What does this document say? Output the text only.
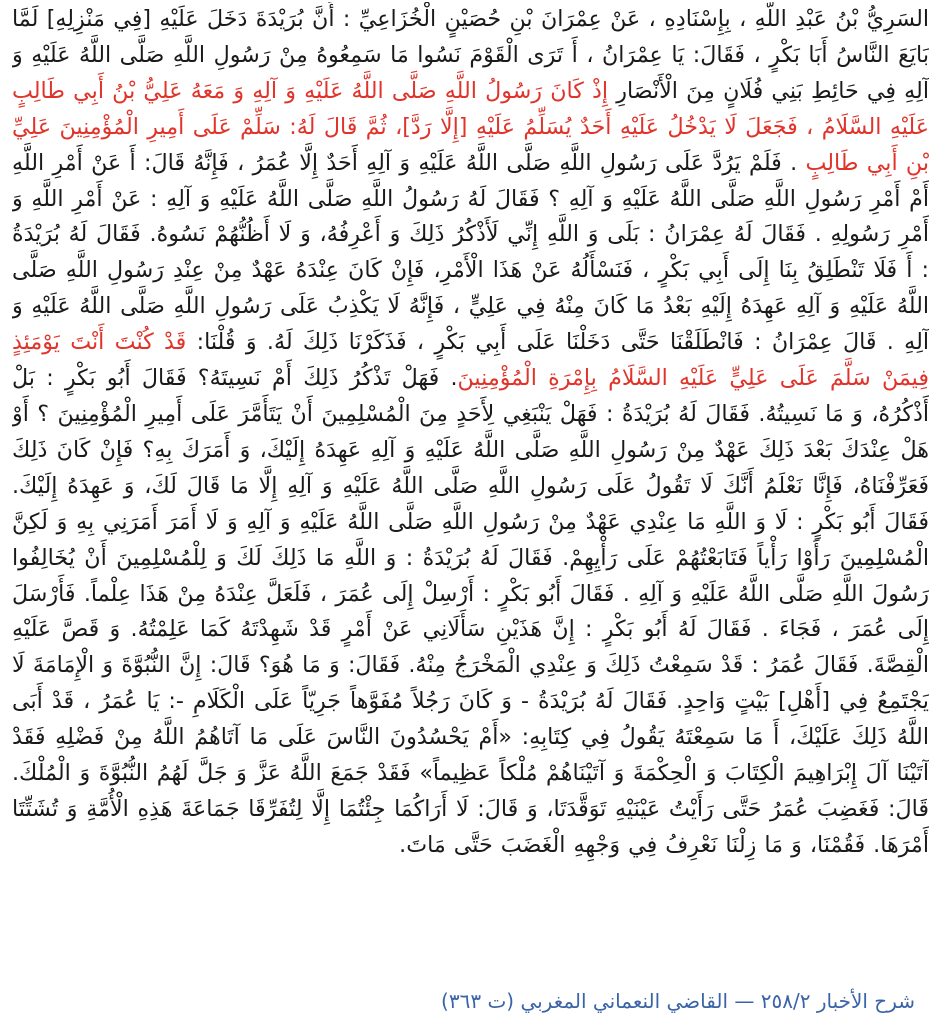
السَرِيُّ بْنُ عَبْدِ اللَّهِ ، بِإِسْنَادِهِ ، عَنْ عِمْرَانَ بْنِ حُصَيْنٍ الْخُزَاعِيِّ : أَنَّ بُرَيْدَةَ دَخَلَ عَلَيْهِ [فِي مَنْزِلِهِ] لَمَّا بَايَعَ النَّاسُ أَبَا بَكْرٍ ، فَقَالَ: يَا عِمْرَانُ ، أَ تَرَى الْقَوْمَ نَسُوا مَا سَمِعُوهُ مِنْ رَسُولِ اللَّهِ صَلَّى اللَّهُ عَلَيْهِ وَ آلِهِ فِي حَائِطِ بَنِي فُلَانٍ مِنَ الْأَنْصَارِ إِذْ كَانَ رَسُولُ اللَّهِ صَلَّى اللَّهُ عَلَيْهِ وَ آلِهِ وَ مَعَهُ عَلِيُّ بْنُ أَبِي طَالِبٍ عَلَيْهِ السَّلَامُ ، فَجَعَلَ لَا يَدْخُلُ عَلَيْهِ أَحَدٌ يُسَلِّمُ عَلَيْهِ [إِلَّا رَدَّ]، ثُمَّ قَالَ لَهُ: سَلِّمْ عَلَى أَمِيرِ الْمُؤْمِنِينَ عَلِيِّ بْنِ أَبِي طَالِبٍ . فَلَمْ يَرُدَّ عَلَى رَسُولِ اللَّهِ صَلَّى اللَّهُ عَلَيْهِ وَ آلِهِ أَحَدٌ إِلَّا عُمَرُ ، فَإِنَّهُ قَالَ: أَ عَنْ أَمْرِ اللَّهِ أَمْ أَمْرِ رَسُولِ اللَّهِ صَلَّى اللَّهُ عَلَيْهِ وَ آلِهِ ؟ فَقَالَ لَهُ رَسُولُ اللَّهِ صَلَّى اللَّهُ عَلَيْهِ وَ آلِهِ : عَنْ أَمْرِ اللَّهِ وَ أَمْرِ رَسُولِهِ . فَقَالَ لَهُ عِمْرَانُ : بَلَى وَ اللَّهِ إِنِّي لَأَذْكُرُ ذَلِكَ وَ أَعْرِفُهُ، وَ لَا أَظُنُّهُمْ نَسُوهُ. فَقَالَ لَهُ بُرَيْدَةُ : أَ فَلَا تَنْطَلِقُ بِنَا إِلَى أَبِي بَكْرٍ ، فَنَسْأَلُهُ عَنْ هَذَا الْأَمْرِ، فَإِنْ كَانَ عِنْدَهُ عَهْدٌ مِنْ عِنْدِ رَسُولِ اللَّهِ صَلَّى اللَّهُ عَلَيْهِ وَ آلِهِ عَهِدَهُ إِلَيْهِ بَعْدُ مَا كَانَ مِنْهُ فِي عَلِيٍّ ، فَإِنَّهُ لَا يَكْذِبُ عَلَى رَسُولِ اللَّهِ صَلَّى اللَّهُ عَلَيْهِ وَ آلِهِ . قَالَ عِمْرَانُ : فَانْطَلَقْنَا حَتَّى دَخَلْنَا عَلَى أَبِي بَكْرٍ ، فَذَكَرْنَا ذَلِكَ لَهُ. وَ قُلْنَا: قَدْ كُنْتَ أَنْتَ يَوْمَئِذٍ فِيمَنْ سَلَّمَ عَلَى عَلِيٍّ عَلَيْهِ السَّلَامُ بِإِمْرَةِ الْمُؤْمِنِينَ. فَهَلْ تَذْكُرُ ذَلِكَ أَمْ نَسِيتَهُ؟ فَقَالَ أَبُو بَكْرٍ : بَلْ أَذْكُرُهُ، وَ مَا نَسِيتُهُ. فَقَالَ لَهُ بُرَيْدَةُ : فَهَلْ يَنْبَغِي لِأَحَدٍ مِنَ الْمُسْلِمِينَ أَنْ يَتَأَمَّرَ عَلَى أَمِيرِ الْمُؤْمِنِينَ ؟ أَوْ هَلْ عِنْدَكَ بَعْدَ ذَلِكَ عَهْدٌ مِنْ رَسُولِ اللَّهِ صَلَّى اللَّهُ عَلَيْهِ وَ آلِهِ عَهِدَهُ إِلَيْكَ، وَ أَمَرَكَ بِهِ؟ فَإِنْ كَانَ ذَلِكَ فَعَرِّفْنَاهُ، فَإِنَّا نَعْلَمُ أَنَّكَ لَا تَقُولُ عَلَى رَسُولِ اللَّهِ صَلَّى اللَّهُ عَلَيْهِ وَ آلِهِ إِلَّا مَا قَالَ لَكَ، وَ عَهِدَهُ إِلَيْكَ. فَقَالَ أَبُو بَكْرٍ : لَا وَ اللَّهِ مَا عِنْدِي عَهْدٌ مِنْ رَسُولِ اللَّهِ صَلَّى اللَّهُ عَلَيْهِ وَ آلِهِ وَ لَا أَمَرَ أَمَرَنِي بِهِ وَ لَكِنَّ الْمُسْلِمِينَ رَأَوْا رَأْياً فَتَابَعْتُهُمْ عَلَى رَأْيِهِمْ. فَقَالَ لَهُ بُرَيْدَةُ : وَ اللَّهِ مَا ذَلِكَ لَكَ وَ لِلْمُسْلِمِينَ أَنْ يُخَالِفُوا رَسُولَ اللَّهِ صَلَّى اللَّهُ عَلَيْهِ وَ آلِهِ . فَقَالَ أَبُو بَكْرٍ : أَرْسِلْ إِلَى عُمَرَ ، فَلَعَلَّ عِنْدَهُ مِنْ هَذَا عِلْماً. فَأَرْسَلَ إِلَى عُمَرَ ، فَجَاءَ . فَقَالَ لَهُ أَبُو بَكْرٍ : إِنَّ هَذَيْنِ سَأَلَانِي عَنْ أَمْرٍ قَدْ شَهِدْتَهُ كَمَا عَلِمْتُهُ. وَ قَصَّ عَلَيْهِ الْقِصَّةَ. فَقَالَ عُمَرُ : قَدْ سَمِعْتُ ذَلِكَ وَ عِنْدِي الْمَخْرَجُ مِنْهُ. فَقَالَ: وَ مَا هُوَ؟ قَالَ: إِنَّ النُّبُوَّةَ وَ الْإِمَامَةَ لَا يَجْتَمِعُ فِي [أَهْلِ] بَيْتٍ وَاحِدٍ. فَقَالَ لَهُ بُرَيْدَةُ - وَ كَانَ رَجُلاً مُفَوَّهاً جَرِيّاً عَلَى الْكَلَامِ -: يَا عُمَرُ ، قَدْ أَبَى اللَّهُ ذَلِكَ عَلَيْكَ، أَ مَا سَمِعْتَهُ يَقُولُ فِي كِتَابِهِ: «أَمْ يَحْسُدُونَ النَّاسَ عَلَى مَا آتَاهُمُ اللَّهُ مِنْ فَضْلِهِ فَقَدْ آتَيْنَا آلَ إِبْرَاهِيمَ الْكِتَابَ وَ الْحِكْمَةَ وَ آتَيْنَاهُمْ مُلْكاً عَظِيماً» فَقَدْ جَمَعَ اللَّهُ عَزَّ وَ جَلَّ لَهُمُ النُّبُوَّةَ وَ الْمُلْكَ. قَالَ: فَغَضِبَ عُمَرُ حَتَّى رَأَيْتُ عَيْنَيْهِ تَوَقَّدَتَا، وَ قَالَ: لَا أَرَاكُمَا جِئْتُمَا إِلَّا لِتُفَرِّقَا جَمَاعَةَ هَذِهِ الْأُمَّةِ وَ تُشَتِّتَا أَمْرَهَا. فَقُمْنَا، وَ مَا زِلْنَا نَعْرِفُ فِي وَجْهِهِ الْغَضَبَ حَتَّى مَاتَ.
شرح الأخبار ٢٥٨/٢ — القاضي النعماني المغربي (ت ٣٦٣)
